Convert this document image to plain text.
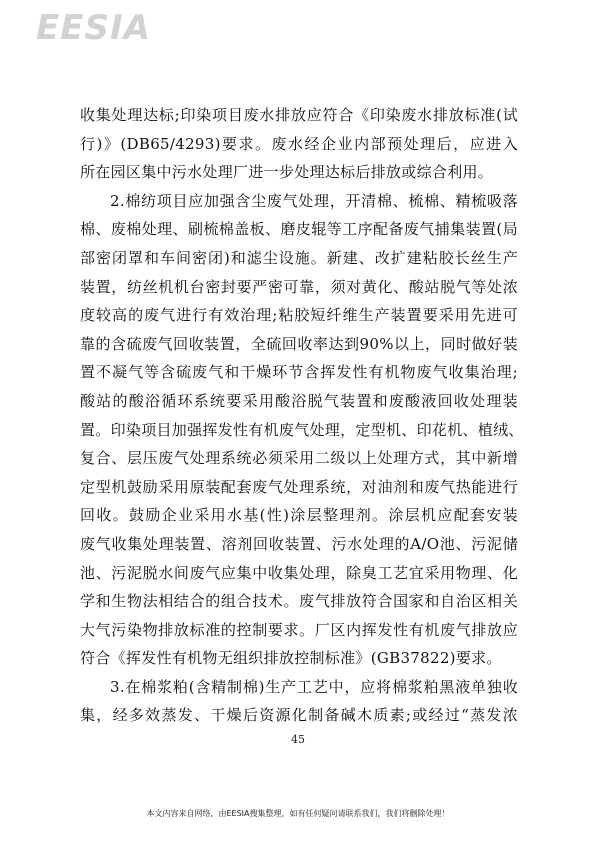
EESIA
收集处理达标;印染项目废水排放应符合《印染废水排放标准(试
行)》(DB65/4293)要求。废水经企业内部预处理后，应进入
所在园区集中污水处理厂进一步处理达标后排放或综合利用。
2.棉纺项目应加强含尘废气处理，开清棉、梳棉、精梳吸落
棉、废棉处理、刷梳棉盖板、磨皮辊等工序配备废气捕集装置(局
部密闭罩和车间密闭)和滤尘设施。新建、改扩建粘胶长丝生产
装置，纺丝机机台密封要严密可靠，须对黄化、酸站脱气等处浓
度较高的废气进行有效治理;粘胶短纤维生产装置要采用先进可
靠的含硫废气回收装置，全硫回收率达到90%以上，同时做好装
置不凝气等含硫废气和干燥环节含挥发性有机物废气收集治理;
酸站的酸浴循环系统要采用酸浴脱气装置和废酸液回收处理装
置。印染项目加强挥发性有机废气处理，定型机、印花机、植绒、
复合、层压废气处理系统必须采用二级以上处理方式，其中新增
定型机鼓励采用原装配套废气处理系统，对油剂和废气热能进行
回收。鼓励企业采用水基(性)涂层整理剂。涂层机应配套安装
废气收集处理装置、溶剂回收装置、污水处理的A/O池、污泥储
池、污泥脱水间废气应集中收集处理，除臭工艺宜采用物理、化
学和生物法相结合的组合技术。废气排放符合国家和自治区相关
大气污染物排放标准的控制要求。厂区内挥发性有机废气排放应
符合《挥发性有机物无组织排放控制标准》(GB37822)要求。
3.在棉浆粕(含精制棉)生产工艺中，应将棉浆粕黑液单独收
集，经多效蒸发、干燥后资源化制备碱木质素;或经过“蒸发浓
45
本文内容来自网络，由EESIA搜集整理，如有任何疑问请联系我们，我们将删除处理！
